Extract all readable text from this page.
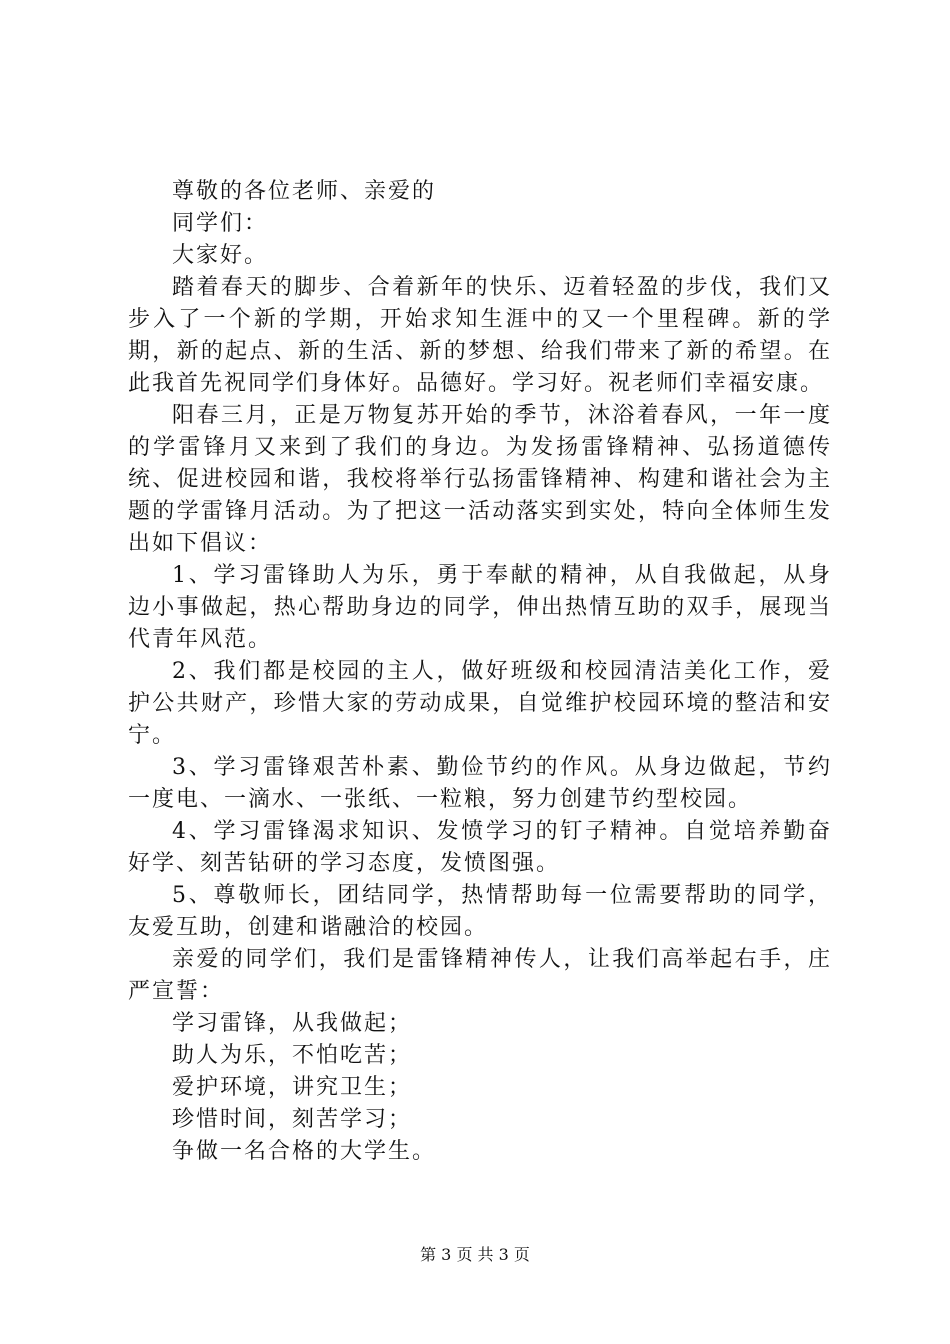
尊敬的各位老师、亲爱的

同学们：

大家好。

踏着春天的脚步、合着新年的快乐、迈着轻盈的步伐，我们又步入了一个新的学期，开始求知生涯中的又一个里程碑。新的学期，新的起点、新的生活、新的梦想、给我们带来了新的希望。在此我首先祝同学们身体好。品德好。学习好。祝老师们幸福安康。

阳春三月，正是万物复苏开始的季节，沐浴着春风，一年一度的学雷锋月又来到了我们的身边。为发扬雷锋精神、弘扬道德传统、促进校园和谐，我校将举行弘扬雷锋精神、构建和谐社会为主题的学雷锋月活动。为了把这一活动落实到实处，特向全体师生发出如下倡议：

1、学习雷锋助人为乐，勇于奉献的精神，从自我做起，从身边小事做起，热心帮助身边的同学，伸出热情互助的双手，展现当代青年风范。

2、我们都是校园的主人，做好班级和校园清洁美化工作，爱护公共财产，珍惜大家的劳动成果，自觉维护校园环境的整洁和安宁。

3、学习雷锋艰苦朴素、勤俭节约的作风。从身边做起，节约一度电、一滴水、一张纸、一粒粮，努力创建节约型校园。

4、学习雷锋渴求知识、发愤学习的钉子精神。自觉培养勤奋好学、刻苦钻研的学习态度，发愤图强。

5、尊敬师长，团结同学，热情帮助每一位需要帮助的同学，友爱互助，创建和谐融洽的校园。

亲爱的同学们，我们是雷锋精神传人，让我们高举起右手，庄严宣誓：

学习雷锋，从我做起；

助人为乐，不怕吃苦；

爱护环境，讲究卫生；

珍惜时间，刻苦学习；

争做一名合格的大学生。

第 3 页 共 3 页
